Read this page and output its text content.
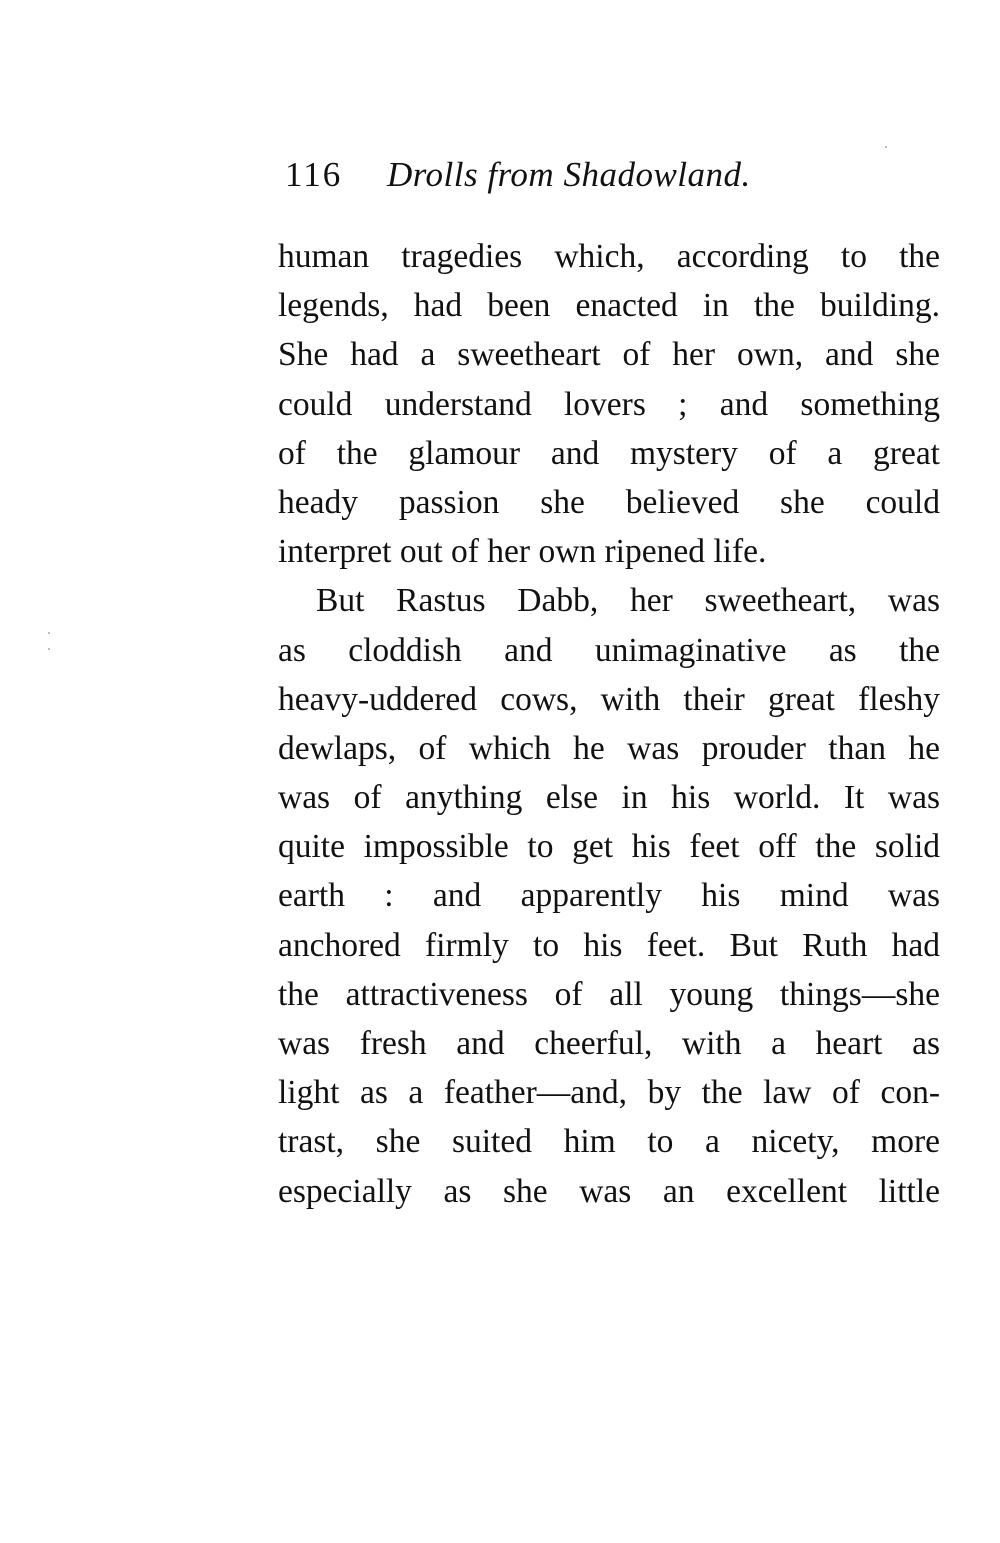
116 Drolls from Shadowland.
human tragedies which, according to the
legends, had been enacted in the building.
She had a sweetheart of her own, and she
could understand lovers ; and something
of the glamour and mystery of a great
heady passion she believed she could
interpret out of her own ripened life.
But Rastus Dabb, her sweetheart, was
as cloddish and unimaginative as the
heavy-uddered cows, with their great fleshy
dewlaps, of which he was prouder than he
was of anything else in his world. It was
quite impossible to get his feet off the solid
earth : and apparently his mind was
anchored firmly to his feet. But Ruth had
the attractiveness of all young things—she
was fresh and cheerful, with a heart as
light as a feather—and, by the law of con-
trast, she suited him to a nicety, more
especially as she was an excellent little
